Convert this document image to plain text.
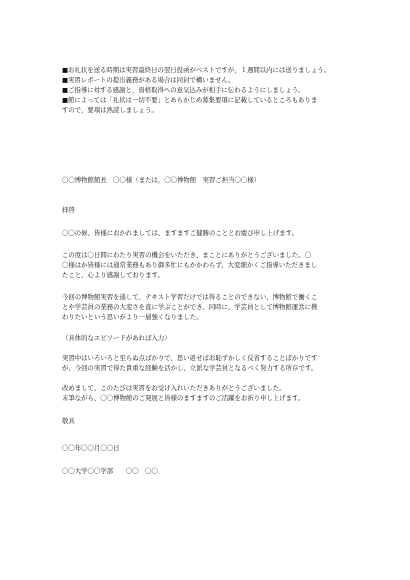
■お礼状を送る時期は実習最終日の翌日投函がベストですが，１週間以内には送りましょう。
■実習レポートの提出義務がある場合は同封で構いません。
■ご指導に対する感謝と，資格取得への意気込みが相手に伝わるようにしましょう。
■館によっては「礼状は一切不要」とあらかじめ募集要項に記載しているところもありま
すので，要項は熟読しましょう。
〇〇博物館館長　〇〇様（または，〇〇博物館　実習ご担当〇〇様）
拝啓
〇〇の候、皆様におかれましては、ますますご健勝のこととお慶び申し上げます。
この度は〇日間にわたり実習の機会をいただき、まことにありがとうございました。〇
〇様はか皆様には通常業務もあり御多忙にもかかわらず、大変細かくご指導いただきまし
たこと、心より感謝しております。
今回の博物館実習を通して、テキスト学習だけでは得ることのできない、博物館で働くこ
とや学芸員の業務の大変さを直に学ぶことができ、同時に、学芸員として博物館運営に携
わりたいという思いがより一層強くなりました。
（具体的なエピソードがあれば入力）
実習中はいろいろと至らぬ点ばかりで、思い返せばお恥ずかしく反省することばかりです
が、今回の実習で得た貴重な経験を活かし、立派な学芸員となるべく努力する所存です。
改めまして、このたびは実習をお受け入れいただきありがとうございました。
末筆ながら、〇〇博物館のご発展と皆様のますますのご活躍をお祈り申し上げます。
敬具
〇〇年〇〇月〇〇日
〇〇大学〇〇学部　　〇〇　〇〇
